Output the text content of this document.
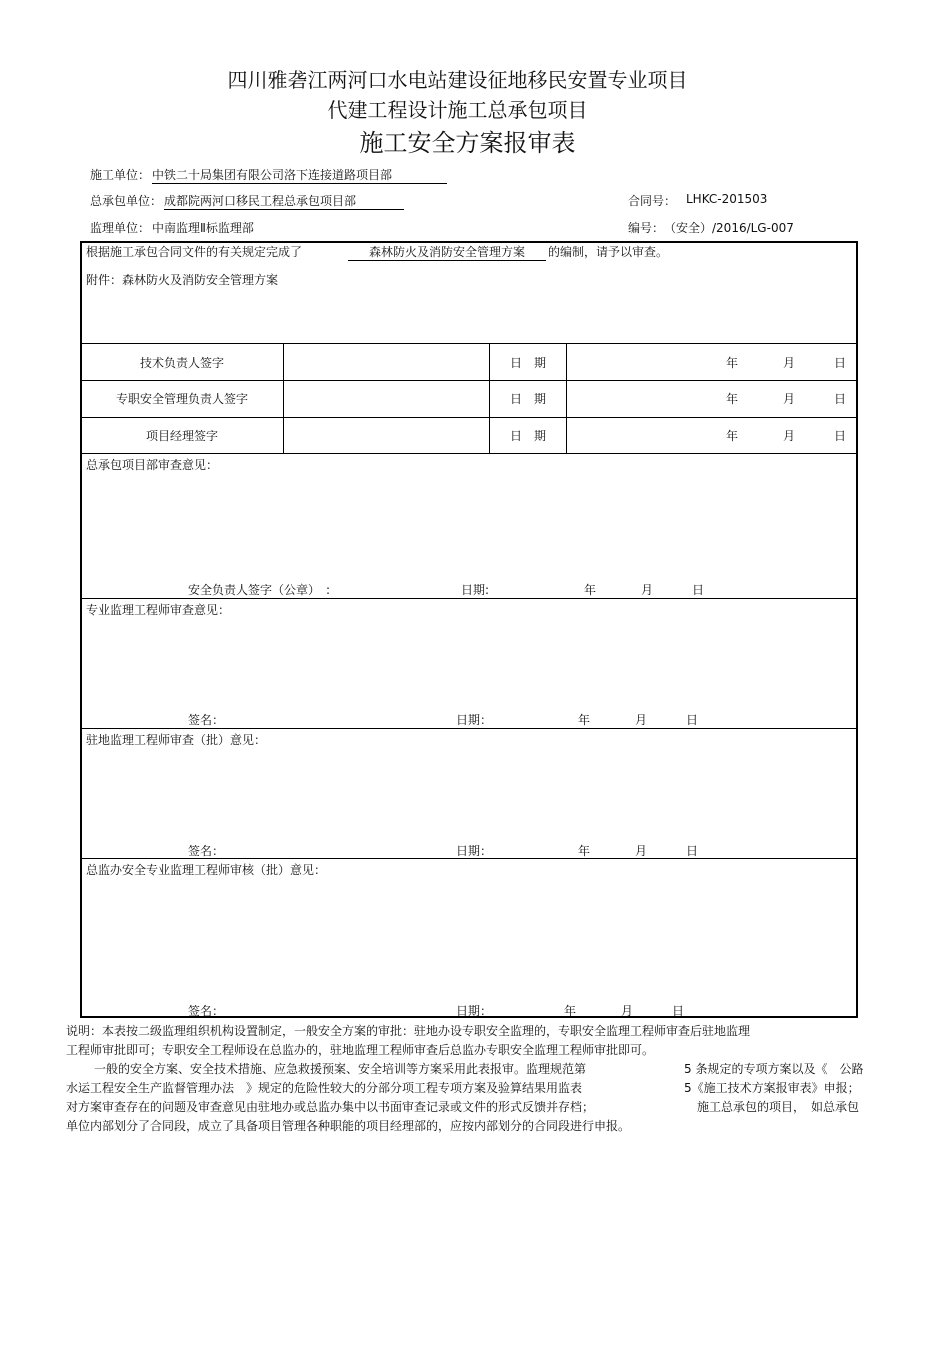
四川雅砻江两河口水电站建设征地移民安置专业项目
代建工程设计施工总承包项目
施工安全方案报审表
施工单位： 中铁二十局集团有限公司洛下连接道路项目部
总承包单位： 成都院两河口移民工程总承包项目部	合同号： LHKC-201503
监理单位： 中南监理Ⅱ标监理部	编号： （安全）/2016/LG-007
根据施工承包合同文件的有关规定完成了	森林防火及消防安全管理方案	的编制，请予以审查。
附件：森林防火及消防安全管理方案
技术负责人签字	日　期	年	月	日
专职安全管理负责人签字	日　期	年	月	日
项目经理签字	日　期	年	月	日
总承包项目部审查意见：
安全负责人签字（公章）　:	日期:	年	月	日
专业监理工程师审查意见：
签名：	日期：	年	月	日
驻地监理工程师审查（批）意见：
签名：	日期：	年	月	日
总监办安全专业监理工程师审核（批）意见：
签名：	日期：	年	月	日
说明：本表按二级监理组织机构设置制定，一般安全方案的审批：驻地办设专职安全监理的，专职安全监理工程师审查后驻地监理
工程师审批即可；专职安全工程师设在总监办的，驻地监理工程师审查后总监办专职安全监理工程师审批即可。
一般的安全方案、安全技术措施、应急救援预案、安全培训等方案采用此表报审。监理规范第	5 条规定的专项方案以及《　公路
水运工程安全生产监督管理办法　》规定的危险性较大的分部分项工程专项方案及验算结果用监表	5《施工技术方案报审表》申报；
对方案审查存在的问题及审查意见由驻地办或总监办集中以书面审查记录或文件的形式反馈并存档；	施工总承包的项目，　如总承包
单位内部划分了合同段，成立了具备项目管理各种职能的项目经理部的，应按内部划分的合同段进行申报。
